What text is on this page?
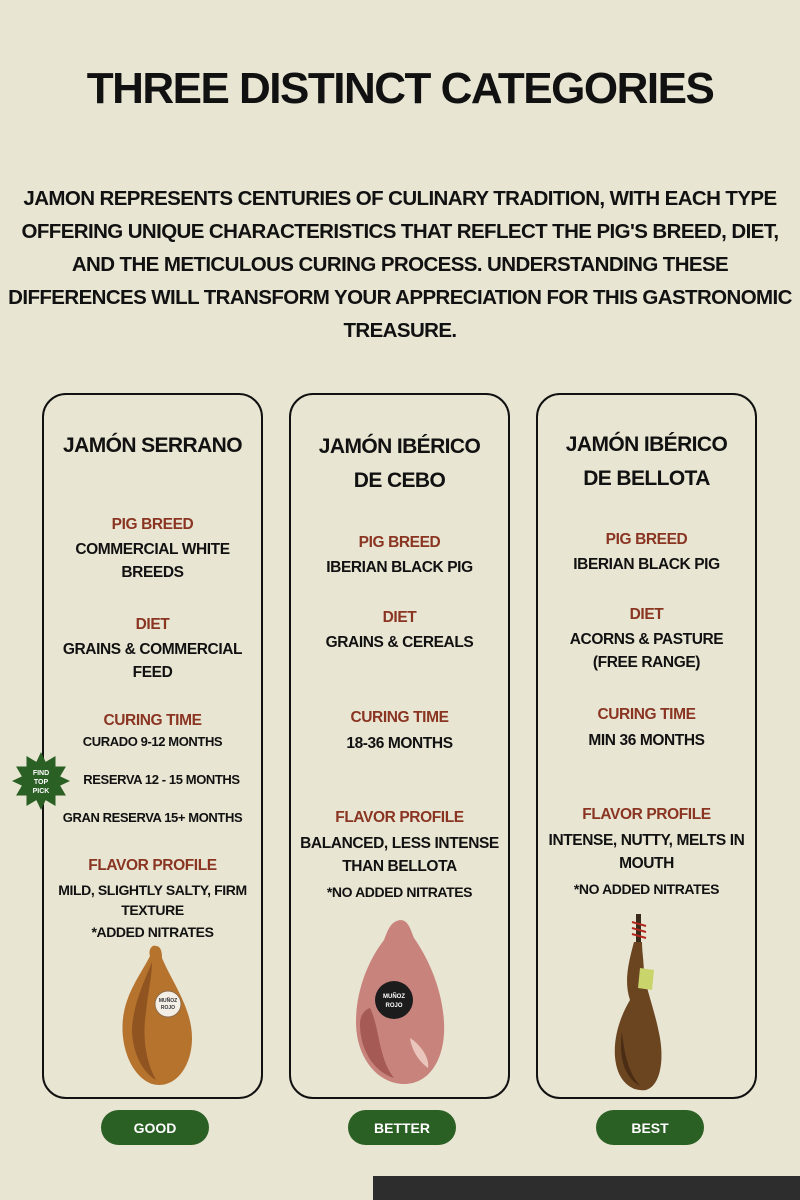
THREE DISTINCT CATEGORIES

JAMON REPRESENTS CENTURIES OF CULINARY TRADITION, WITH EACH TYPE OFFERING UNIQUE CHARACTERISTICS THAT REFLECT THE PIG'S BREED, DIET, AND THE METICULOUS CURING PROCESS. UNDERSTANDING THESE DIFFERENCES WILL TRANSFORM YOUR APPRECIATION FOR THIS GASTRONOMIC TREASURE.

JAMÓN SERRANO
PIG BREED
COMMERCIAL WHITE BREEDS
DIET
GRAINS & COMMERCIAL FEED
CURING TIME
CURADO 9-12 MONTHS
RESERVA 12 - 15 MONTHS
GRAN RESERVA 15+ MONTHS
FLAVOR PROFILE
MILD, SLIGHTLY SALTY, FIRM TEXTURE
*ADDED NITRATES
JAMÓN IBÉRICO
DE CEBO
PIG BREED
IBERIAN BLACK PIG
DIET
GRAINS & CEREALS
CURING TIME
18-36 MONTHS
FLAVOR PROFILE
BALANCED, LESS INTENSE THAN BELLOTA
*NO ADDED NITRATES
JAMÓN IBÉRICO
DE BELLOTA
PIG BREED
IBERIAN BLACK PIG
DIET
ACORNS & PASTURE
(FREE RANGE)
CURING TIME
MIN 36 MONTHS
FLAVOR PROFILE
INTENSE, NUTTY, MELTS IN MOUTH
*NO ADDED NITRATES
FIND
TOP
PICK
MUÑOZ
ROJO
MUÑOZ
ROJO
GOOD	BETTER	BEST
